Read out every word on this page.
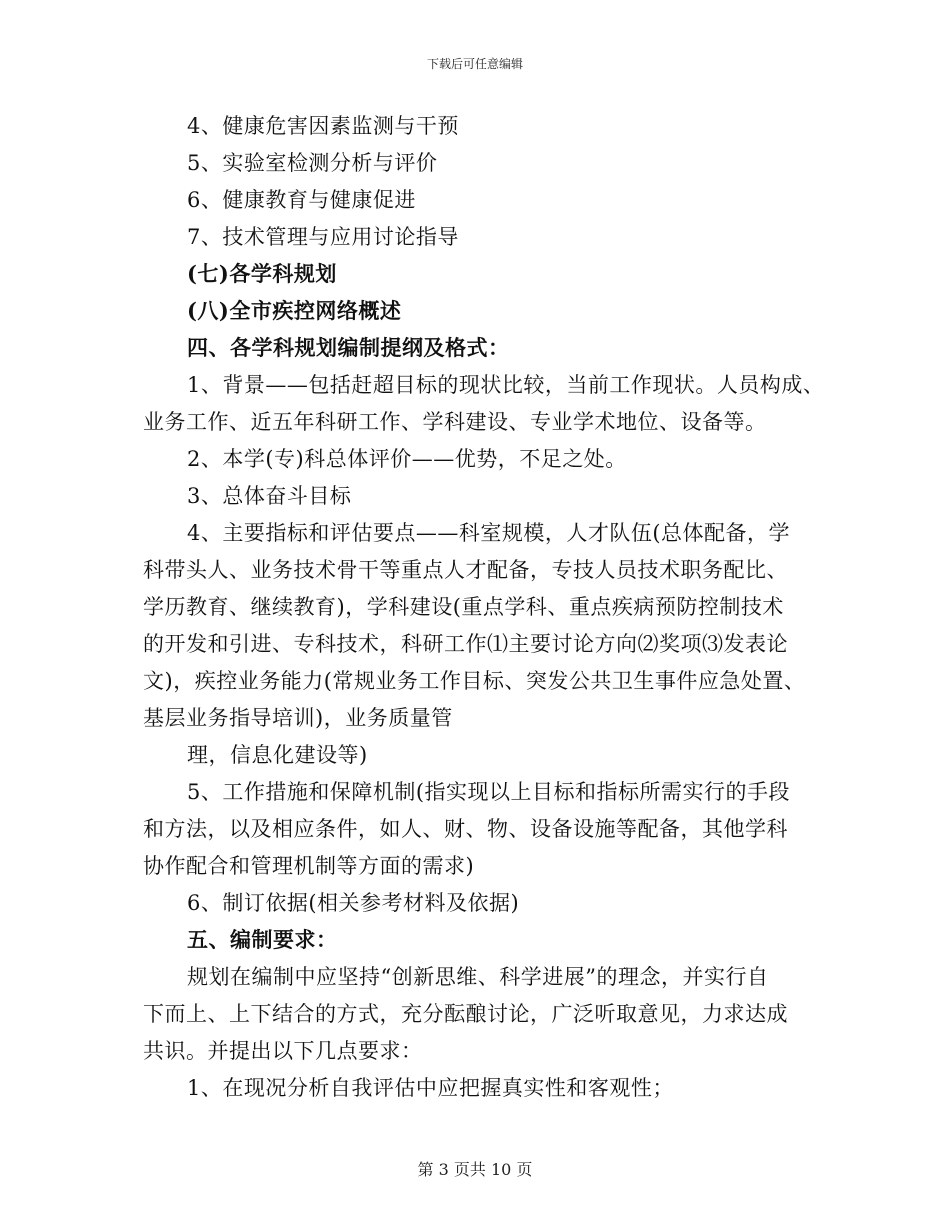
下载后可任意编辑
4、健康危害因素监测与干预
5、实验室检测分析与评价
6、健康教育与健康促进
7、技术管理与应用讨论指导
(七)各学科规划
(八)全市疾控网络概述
四、各学科规划编制提纲及格式：
1、背景——包括赶超目标的现状比较，当前工作现状。人员构成、
业务工作、近五年科研工作、学科建设、专业学术地位、设备等。
2、本学(专)科总体评价——优势，不足之处。
3、总体奋斗目标
4、主要指标和评估要点——科室规模，人才队伍(总体配备，学
科带头人、业务技术骨干等重点人才配备，专技人员技术职务配比、
学历教育、继续教育)，学科建设(重点学科、重点疾病预防控制技术
的开发和引进、专科技术，科研工作⑴主要讨论方向⑵奖项⑶发表论
文)，疾控业务能力(常规业务工作目标、突发公共卫生事件应急处置、
基层业务指导培训)，业务质量管
理，信息化建设等)
5、工作措施和保障机制(指实现以上目标和指标所需实行的手段
和方法，以及相应条件，如人、财、物、设备设施等配备，其他学科
协作配合和管理机制等方面的需求)
6、制订依据(相关参考材料及依据)
五、编制要求：
规划在编制中应坚持“创新思维、科学进展”的理念，并实行自
下而上、上下结合的方式，充分酝酿讨论，广泛听取意见，力求达成
共识。并提出以下几点要求：
1、在现况分析自我评估中应把握真实性和客观性；
第 3 页共 10 页
